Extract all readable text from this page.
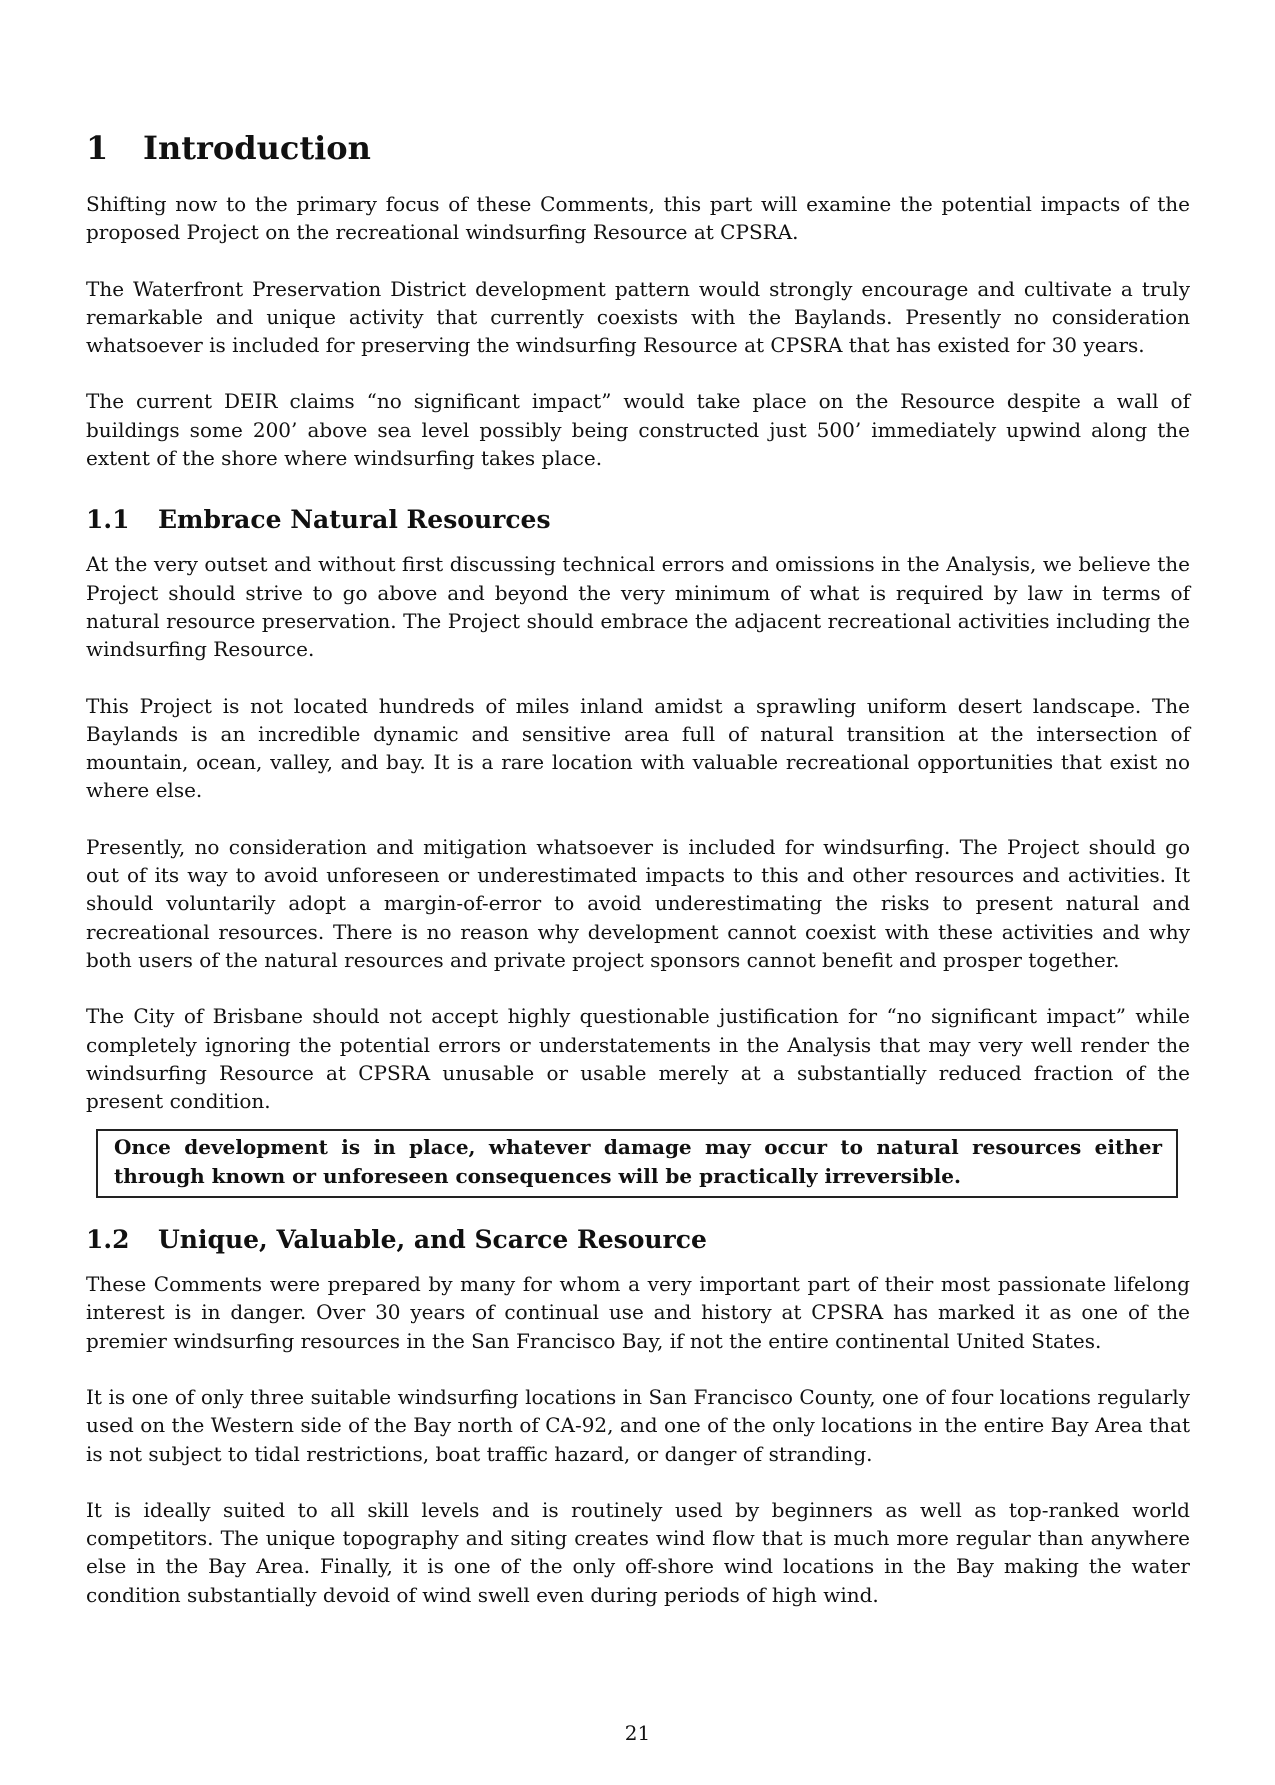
1 Introduction

Shifting now to the primary focus of these Comments, this part will examine the potential impacts of the proposed Project on the recreational windsurfing Resource at CPSRA.

The Waterfront Preservation District development pattern would strongly encourage and cultivate a truly remarkable and unique activity that currently coexists with the Baylands. Presently no consideration whatsoever is included for preserving the windsurfing Resource at CPSRA that has existed for 30 years.

The current DEIR claims “no significant impact” would take place on the Resource despite a wall of buildings some 200’ above sea level possibly being constructed just 500’ immediately upwind along the extent of the shore where windsurfing takes place.

1.1 Embrace Natural Resources

At the very outset and without first discussing technical errors and omissions in the Analysis, we believe the Project should strive to go above and beyond the very minimum of what is required by law in terms of natural resource preservation. The Project should embrace the adjacent recreational activities including the windsurfing Resource.

This Project is not located hundreds of miles inland amidst a sprawling uniform desert landscape. The Baylands is an incredible dynamic and sensitive area full of natural transition at the intersection of mountain, ocean, valley, and bay. It is a rare location with valuable recreational opportunities that exist no where else.

Presently, no consideration and mitigation whatsoever is included for windsurfing. The Project should go out of its way to avoid unforeseen or underestimated impacts to this and other resources and activities. It should voluntarily adopt a margin-of-error to avoid underestimating the risks to present natural and recreational resources. There is no reason why development cannot coexist with these activities and why both users of the natural resources and private project sponsors cannot benefit and prosper together.

The City of Brisbane should not accept highly questionable justification for “no significant impact” while completely ignoring the potential errors or understatements in the Analysis that may very well render the windsurfing Resource at CPSRA unusable or usable merely at a substantially reduced fraction of the present condition.

Once development is in place, whatever damage may occur to natural resources either through known or unforeseen consequences will be practically irreversible.

1.2 Unique, Valuable, and Scarce Resource

These Comments were prepared by many for whom a very important part of their most passionate lifelong interest is in danger. Over 30 years of continual use and history at CPSRA has marked it as one of the premier windsurfing resources in the San Francisco Bay, if not the entire continental United States.

It is one of only three suitable windsurfing locations in San Francisco County, one of four locations regularly used on the Western side of the Bay north of CA-92, and one of the only locations in the entire Bay Area that is not subject to tidal restrictions, boat traffic hazard, or danger of stranding.

It is ideally suited to all skill levels and is routinely used by beginners as well as top-ranked world competitors. The unique topography and siting creates wind flow that is much more regular than anywhere else in the Bay Area. Finally, it is one of the only off-shore wind locations in the Bay making the water condition substantially devoid of wind swell even during periods of high wind.

21
